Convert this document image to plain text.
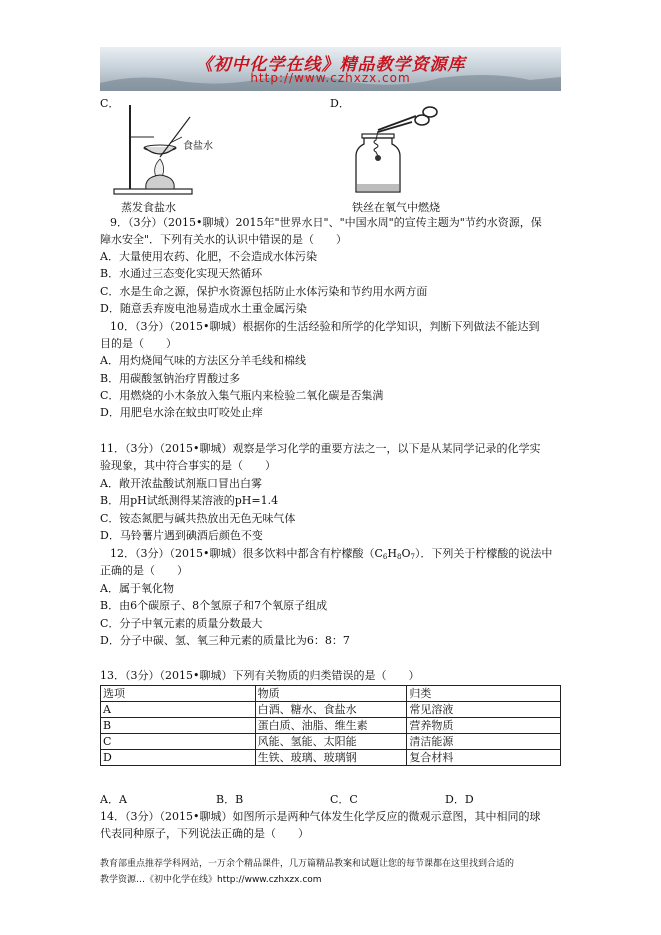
《初中化学在线》精品教学资源库
http://www.czhxzx.com
C．
食盐水
蒸发食盐水
D．
铁丝在氧气中燃烧
9．（3分）（2015•聊城）2015年"世界水日"、"中国水周"的宣传主题为"节约水资源，保
障水安全"．下列有关水的认识中错误的是（　　）
A．大量使用农药、化肥，不会造成水体污染
B．水通过三态变化实现天然循环
C．水是生命之源，保护水资源包括防止水体污染和节约用水两方面
D．随意丢弃废电池易造成水土重金属污染
10．（3分）（2015•聊城）根据你的生活经验和所学的化学知识，判断下列做法不能达到
目的是（　　）
A．用灼烧闻气味的方法区分羊毛线和棉线
B．用碳酸氢钠治疗胃酸过多
C．用燃烧的小木条放入集气瓶内来检验二氧化碳是否集满
D．用肥皂水涂在蚊虫叮咬处止痒
11．（3分）（2015•聊城）观察是学习化学的重要方法之一，以下是从某同学记录的化学实
验现象，其中符合事实的是（　　）
A．敞开浓盐酸试剂瓶口冒出白雾
B．用pH试纸测得某溶液的pH=1.4
C．铵态氮肥与碱共热放出无色无味气体
D．马铃薯片遇到碘酒后颜色不变
12．（3分）（2015•聊城）很多饮料中都含有柠檬酸$(C_6H_8O_7)$．下列关于柠檬酸的说法中
正确的是（　　）
A．属于氧化物
B．由6个碳原子、8个氢原子和7个氧原子组成
C．分子中氧元素的质量分数最大
D．分子中碳、氢、氧三种元素的质量比为6：8：7
13．（3分）（2015•聊城）下列有关物质的归类错误的是（　　）
选项	物质	归类
A	白酒、糖水、食盐水	常见溶液
B	蛋白质、油脂、维生素	营养物质
C	风能、氢能、太阳能	清洁能源
D	生铁、玻璃、玻璃钢	复合材料
A．A	B．B	C．C	D．D
14．（3分）（2015•聊城）如图所示是两种气体发生化学反应的微观示意图，其中相同的球
代表同种原子，下列说法正确的是（　　）
教育部重点推荐学科网站，一万余个精品课件，几万篇精品教案和试题让您的每节课都在这里找到合适的
教学资源…《初中化学在线》http://www.czhxzx.com
